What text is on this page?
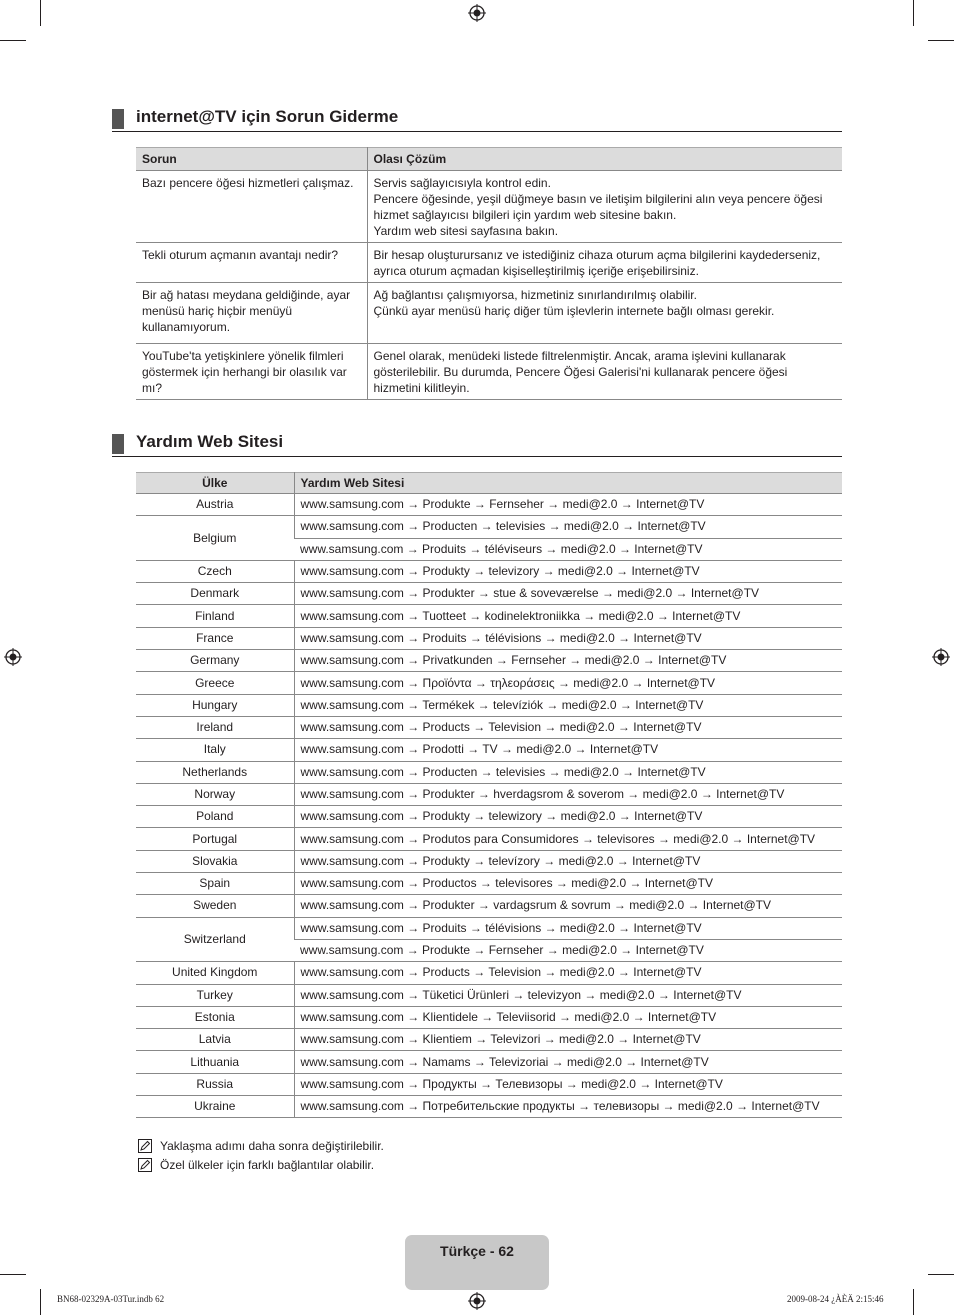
internet@TV için Sorun Giderme
Sorun	Olası Çözüm
Bazı pencere öğesi hizmetleri çalışmaz.	Servis sağlayıcısıyla kontrol edin.
Pencere öğesinde, yeşil düğmeye basın ve iletişim bilgilerini alın veya pencere öğesi hizmet sağlayıcısı bilgileri için yardım web sitesine bakın.
Yardım web sitesi sayfasına bakın.

Tekli oturum açmanın avantajı nedir?	Bir hesap oluşturursanız ve istediğiniz cihaza oturum açma bilgilerini kaydederseniz, ayrıca oturum açmadan kişiselleştirilmiş içeriğe erişebilirsiniz.

Bir ağ hatası meydana geldiğinde, ayar menüsü hariç hiçbir menüyü kullanamıyorum.	Ağ bağlantısı çalışmıyorsa, hizmetiniz sınırlandırılmış olabilir.
Çünkü ayar menüsü hariç diğer tüm işlevlerin internete bağlı olması gerekir.

YouTube'ta yetişkinlere yönelik filmleri göstermek için herhangi bir olasılık var mı?	Genel olarak, menüdeki listede filtrelenmiştir. Ancak, arama işlevini kullanarak gösterilebilir. Bu durumda, Pencere Öğesi Galerisi'ni kullanarak pencere öğesi hizmetini kilitleyin.
Yardım Web Sitesi
Ülke	Yardım Web Sitesi
Austria	www.samsung.com → Produkte → Fernseher → medi@2.0 → Internet@TV
Belgium	www.samsung.com → Producten → televisies → medi@2.0 → Internet@TV
	www.samsung.com → Produits → téléviseurs → medi@2.0 → Internet@TV
Czech	www.samsung.com → Produkty → televizory → medi@2.0 → Internet@TV
Denmark	www.samsung.com → Produkter → stue & soveværelse → medi@2.0 → Internet@TV
Finland	www.samsung.com → Tuotteet → kodinelektroniikka → medi@2.0 → Internet@TV
France	www.samsung.com → Produits → télévisions → medi@2.0 → Internet@TV
Germany	www.samsung.com → Privatkunden → Fernseher → medi@2.0 → Internet@TV
Greece	www.samsung.com → Προϊόντα → τηλεοράσεις → medi@2.0 → Internet@TV
Hungary	www.samsung.com → Termékek → televíziók → medi@2.0 → Internet@TV
Ireland	www.samsung.com → Products → Television → medi@2.0 → Internet@TV
Italy	www.samsung.com → Prodotti → TV → medi@2.0 → Internet@TV
Netherlands	www.samsung.com → Producten → televisies → medi@2.0 → Internet@TV
Norway	www.samsung.com → Produkter → hverdagsrom & soverom → medi@2.0 → Internet@TV
Poland	www.samsung.com → Produkty → telewizory → medi@2.0 → Internet@TV
Portugal	www.samsung.com → Produtos para Consumidores → televisores → medi@2.0 → Internet@TV
Slovakia	www.samsung.com → Produkty → televízory → medi@2.0 → Internet@TV
Spain	www.samsung.com → Productos → televisores → medi@2.0 → Internet@TV
Sweden	www.samsung.com → Produkter → vardagsrum & sovrum → medi@2.0 → Internet@TV
Switzerland	www.samsung.com → Produits → télévisions → medi@2.0 → Internet@TV
	www.samsung.com → Produkte → Fernseher → medi@2.0 → Internet@TV
United Kingdom	www.samsung.com → Products → Television → medi@2.0 → Internet@TV
Turkey	www.samsung.com → Tüketici Ürünleri → televizyon → medi@2.0 → Internet@TV
Estonia	www.samsung.com → Klientidele → Televiisorid → medi@2.0 → Internet@TV
Latvia	www.samsung.com → Klientiem → Televizori → medi@2.0 → Internet@TV
Lithuania	www.samsung.com → Namams → Televizoriai → medi@2.0 → Internet@TV
Russia	www.samsung.com → Продукты → Телевизоры → medi@2.0 → Internet@TV
Ukraine	www.samsung.com → Потребительские продукты → телевизоры → medi@2.0 → Internet@TV
Yaklaşma adımı daha sonra değiştirilebilir.
Özel ülkeler için farklı bağlantılar olabilir.
Türkçe - 62
BN68-02329A-03Tur.indb 62	2009-08-24 ¿ÀÈÄ 2:15:46
